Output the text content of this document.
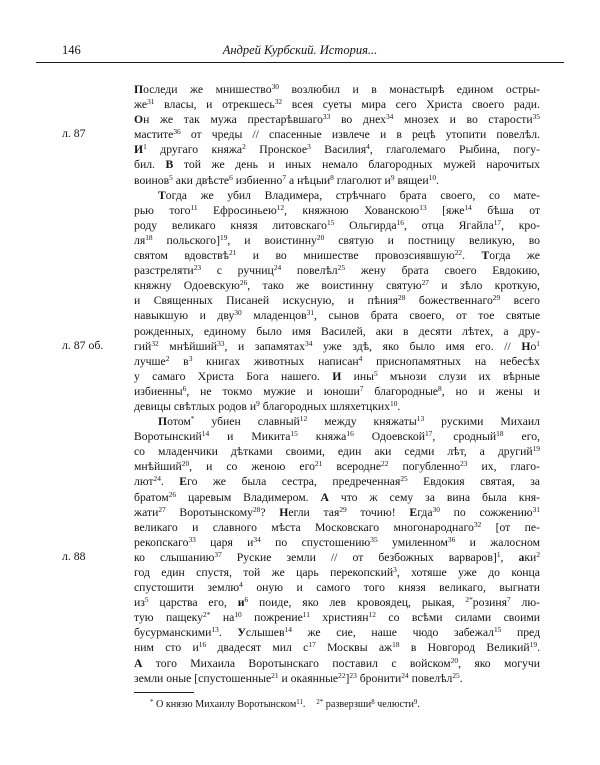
146	Андрей Курбский. История...
л. 87
л. 87 об.
л. 88
Последи же мнишество$^{30}$ возлюбил и в монастырѣ едином остры-
$же^{31}$ власы, и отрекшесь$^{32}$ всея суеты мира сего Христа своего ради.
Он же так мужа престарѣвшаго$^{33}$ во днех$^{34}$ мнозех и во старости$^{35}$
мастите$^{36}$ от чреды // спасенные извлече и в рецѣ утопити повелѣл.
$И^1$ другаго княжа$^2$ Пронское$^3$ Василия$^4$, глаголемаго Рыбина, погу-
бил. В той же день и иных немало благородных мужей нарочитых
воинов$^5$ аки двѣсте$^6$ избиенно$^7$ а нѣцыи$^8$ глаголют $и^9$ вящеи$^{10}$.
Тогда же убил Владимера, стрѣчнаго брата своего, со мате-
рью того$^{11}$ Ефросиньею$^{12}$, княжною Хованскою$^{13}$ [яже$^{14}$ бѣша от
роду великаго князя литовскаго$^{15}$ Ольгирда$^{16}$, отца Ягайла$^{17}$, кро-
$ля^{18}$ польского]$^{19}$, и воистинну$^{20}$ святую и постницу великую, во
святом вдовствѣ$^{21}$ и во мнишестве провозсиявшую$^{22}$. Тогда же
разстреляти$^{23}$ с ручниц$^{24}$ повелѣл$^{25}$ жену брата своего Евдокию,
княжну Одоевскую$^{26}$, тако же воистинну святую$^{27}$ и зѣло кроткую,
и Священных Писаней искусную, и пѣния$^{28}$ божественнаго$^{29}$ всего
навыкшую и дву$^{30}$ младенцов$^{31}$, сынов брата своего, от тое святые
рожденных, единому было имя Василей, аки в десяти лѣтех, а дру-
гий$^{32}$ мнѣйший$^{33}$, и запамятах$^{34}$ уже здѣ, яко было имя его. // $Но^1$
лучше$^2$ $в^3$ книгах животных написан$^4$ приснопамятных на небесѣх
у самаго Христа Бога нашего. И ины$^5$ мънози слузи их вѣрные
избиенны$^6$, не токмо мужие и юноши$^7$ благородные$^8$, но и жены и
девицы свѣтлых родов $и^9$ благородных шляхетцких$^{10}$.
Потом* убиен славный$^{12}$ между княжаты$^{13}$ рускими Михаил
Воротынский$^{14}$ и Микита$^{15}$ княжа$^{16}$ Одоевской$^{17}$, сродный$^{18}$ его,
со младенчики дѣтками своими, един аки седми лѣт, а другий$^{19}$
мнѣйший$^{20}$, и со женою его$^{21}$ всеродне$^{22}$ погубленно$^{23}$ их, глаго-
лют$^{24}$. Его же была сестра, предреченная$^{25}$ Евдокия святая, за
братом$^{26}$ царевым Владимером. А что ж сему за вина была кня-
жати$^{27}$ Воротынскому$^{28}$? Негли тая$^{29}$ точию! Егда$^{30}$ по сожжению$^{31}$
великаго и славного мѣста Московскаго многонароднаго$^{32}$ [от пе-
рекопскаго$^{33}$ царя $и^{34}$ по спустошению$^{35}$ умиленном$^{36}$ и жалосном
ко слышанию$^{37}$ Руские земли // от безбожных варваров]$^1$, аки$^2$
год един спустя, той же царь перекопский$^3$, хотяше уже до конца
спустошити землю$^4$ оную и самого того князя великаго, выгнати
$из^5$ царства его, $и^6$ поиде, яко лев кровоядец, рыкая, $^{2*}$розиня$^7$ лю-
тую пащеку$^{2*}$ $на^{10}$ пожрение$^{11}$ християн$^{12}$ со всѣми силами своими
бусурманскими$^{13}$. Услышев$^{14}$ же сие, наше чюдо забежал$^{15}$ пред
ним сто $и^{16}$ двадесят мил $с^{17}$ Москвы $аж^{18}$ в Новгород Великий$^{19}$.
А того Михаила Воротынскаго поставил с войском$^{20}$, яко могучи
земли оные [спустошенные$^{21}$ и окаянные$^{22}$]$^{23}$ бронити$^{24}$ повелѣл$^{25}$.
* О князю Михаилу Воротынском$^{11}$. $^{2*}$ разверзши$^8$ челюсти$^9$.
